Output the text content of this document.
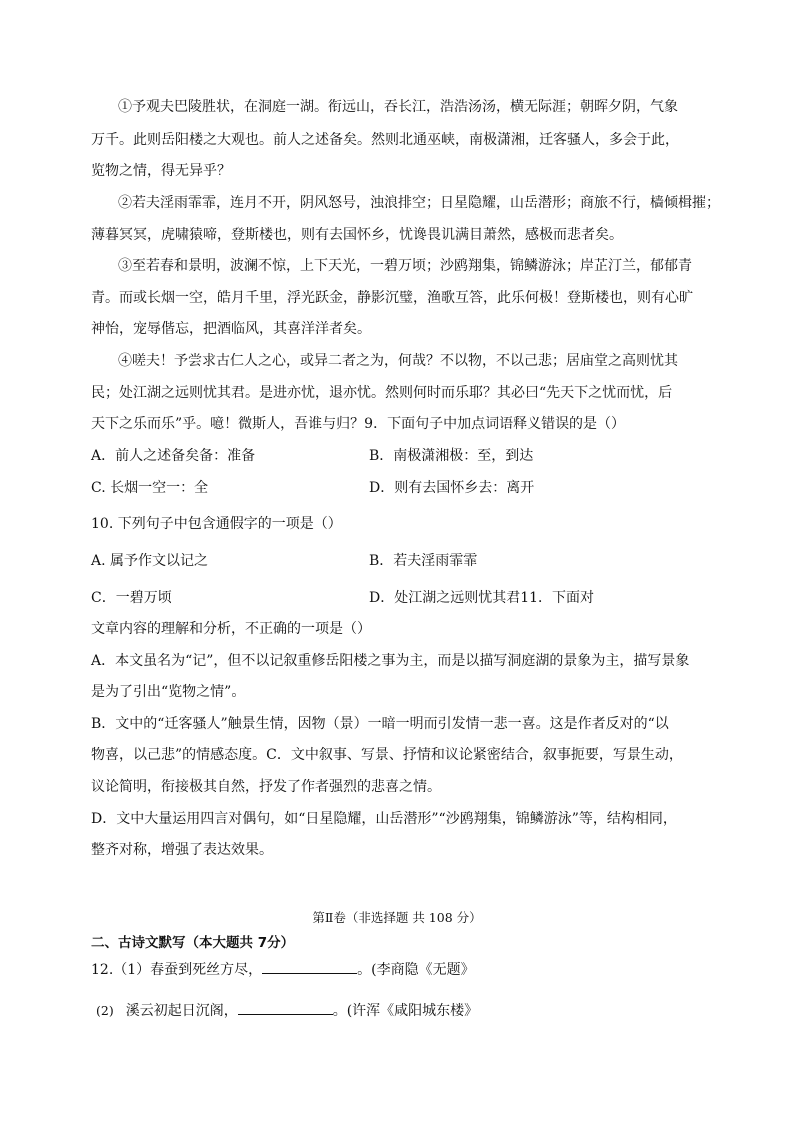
①予观夫巴陵胜状，在洞庭一湖。衔远山，吞长江，浩浩汤汤，横无际涯；朝晖夕阴，气象
万千。此则岳阳楼之大观也。前人之述备矣。然则北通巫峡，南极潇湘，迁客骚人，多会于此，
览物之情，得无异乎？
②若夫淫雨霏霏，连月不开，阴风怒号，浊浪排空；日星隐耀，山岳潜形；商旅不行，樯倾楫摧；
薄暮冥冥，虎啸猿啼，登斯楼也，则有去国怀乡，忧谗畏讥满目萧然，感极而悲者矣。
③至若春和景明，波澜不惊，上下天光，一碧万顷；沙鸥翔集，锦鳞游泳；岸芷汀兰，郁郁青
青。而或长烟一空，皓月千里，浮光跃金，静影沉璧，渔歌互答，此乐何极！登斯楼也，则有心旷
神怡，宠辱偕忘，把酒临风，其喜洋洋者矣。
④嗟夫！予尝求古仁人之心，或异二者之为，何哉？不以物，不以己悲；居庙堂之高则忧其
民；处江湖之远则忧其君。是进亦忧，退亦忧。然则何时而乐耶？其必曰“先天下之忧而忧，后
天下之乐而乐”乎。噫！微斯人，吾谁与归？9．下面句子中加点词语释义错误的是（）
A．前人之述备矣备：准备	B．南极潇湘极：至，到达
C. 长烟一空一：全	D．则有去国怀乡去：离开
10. 下列句子中包含通假字的一项是（）
A. 属予作文以记之	B．若夫淫雨霏霏
C．一碧万顷	D．处江湖之远则忧其君11．下面对
文章内容的理解和分析，不正确的一项是（）
A．本文虽名为“记”，但不以记叙重修岳阳楼之事为主，而是以描写洞庭湖的景象为主，描写景象
是为了引出“览物之情”。
B．文中的“迁客骚人”触景生情，因物（景）一暗一明而引发情一悲一喜。这是作者反对的“以
物喜，以己悲”的情感态度。C．文中叙事、写景、抒情和议论紧密结合，叙事扼要，写景生动，
议论简明，衔接极其自然，抒发了作者强烈的悲喜之情。
D．文中大量运用四言对偶句，如“日星隐耀，山岳潜形”“沙鸥翔集，锦鳞游泳”等，结构相同，
整齐对称，增强了表达效果。
第Ⅱ卷（非选择题 共 108 分）
二、古诗文默写（本大题共 7分）
12.（1）春蚕到死丝方尽，	。(李商隐《无题》
(2) 溪云初起日沉阁，	。(许浑《咸阳城东楼》
